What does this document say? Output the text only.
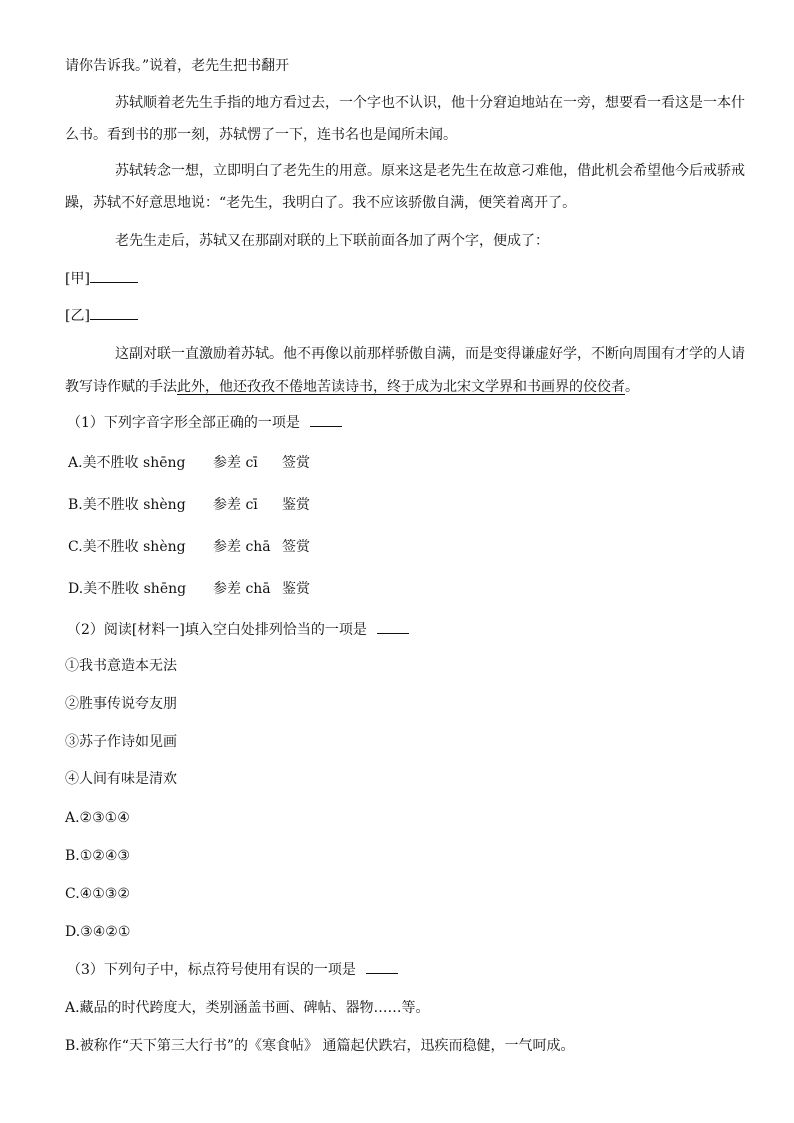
请你告诉我。”说着，老先生把书翻开
苏轼顺着老先生手指的地方看过去，一个字也不认识，他十分窘迫地站在一旁，想要看一看这是一本什
么书。看到书的那一刻，苏轼愣了一下，连书名也是闻所未闻。
苏轼转念一想，立即明白了老先生的用意。原来这是老先生在故意刁难他，借此机会希望他今后戒骄戒
躁，苏轼不好意思地说：“老先生，我明白了。我不应该骄傲自满，便笑着离开了。
老先生走后，苏轼又在那副对联的上下联前面各加了两个字，便成了：
[甲]
[乙]
这副对联一直激励着苏轼。他不再像以前那样骄傲自满，而是变得谦虚好学，不断向周围有才学的人请
教写诗作赋的手法此外，他还孜孜不倦地苦读诗书，终于成为北宋文学界和书画界的佼佼者。
（1）下列字音字形全部正确的一项是
A.美不胜收 shēng 参差 cī 签赏
B.美不胜收 shèng 参差 cī 鉴赏
C.美不胜收 shèng 参差 chā 签赏
D.美不胜收 shēng 参差 chā 鉴赏
（2）阅读[材料一]填入空白处排列恰当的一项是
①我书意造本无法
②胜事传说夸友朋
③苏子作诗如见画
④人间有味是清欢
A.②③①④
B.①②④③
C.④①③②
D.③④②①
（3）下列句子中，标点符号使用有误的一项是
A.藏品的时代跨度大，类别涵盖书画、碑帖、器物……等。
B.被称作“天下第三大行书”的《寒食帖》 通篇起伏跌宕，迅疾而稳健，一气呵成。
